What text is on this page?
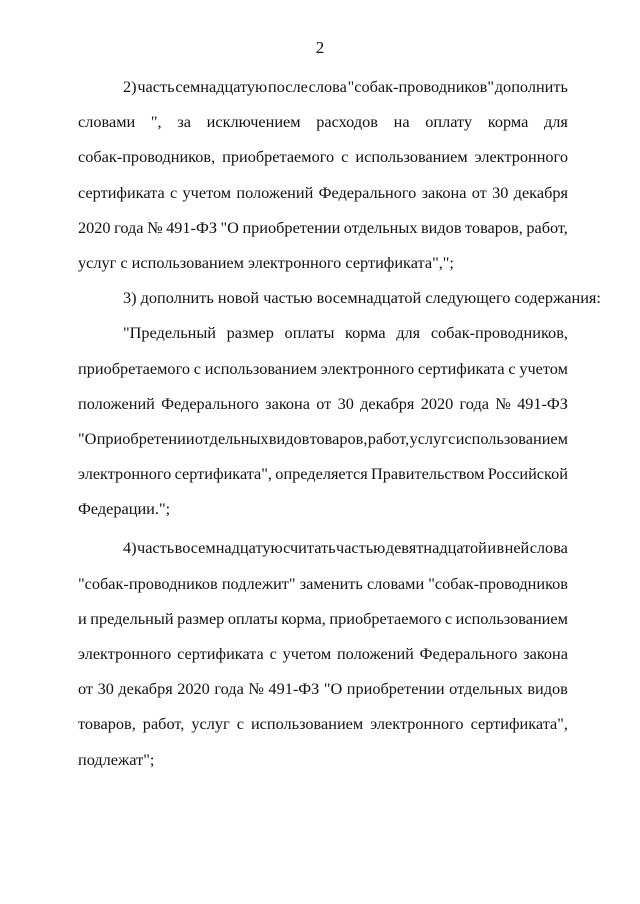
2
2) часть семнадцатую после слова "собак-проводников" дополнить
словами ", за исключением расходов на оплату корма для
собак-проводников, приобретаемого с использованием электронного
сертификата с учетом положений Федерального закона от 30 декабря
2020 года № 491-ФЗ "О приобретении отдельных видов товаров, работ,
услуг с использованием электронного сертификата",";
3) дополнить новой частью восемнадцатой следующего содержания:
"Предельный размер оплаты корма для собак-проводников,
приобретаемого с использованием электронного сертификата с учетом
положений Федерального закона от 30 декабря 2020 года № 491-ФЗ
"О приобретении отдельных видов товаров, работ, услуг с использованием
электронного сертификата", определяется Правительством Российской
Федерации.";
4) часть восемнадцатую считать частью девятнадцатой и в ней слова
"собак-проводников подлежит" заменить словами "собак-проводников
и предельный размер оплаты корма, приобретаемого с использованием
электронного сертификата с учетом положений Федерального закона
от 30 декабря 2020 года № 491-ФЗ "О приобретении отдельных видов
товаров, работ, услуг с использованием электронного сертификата",
подлежат";
